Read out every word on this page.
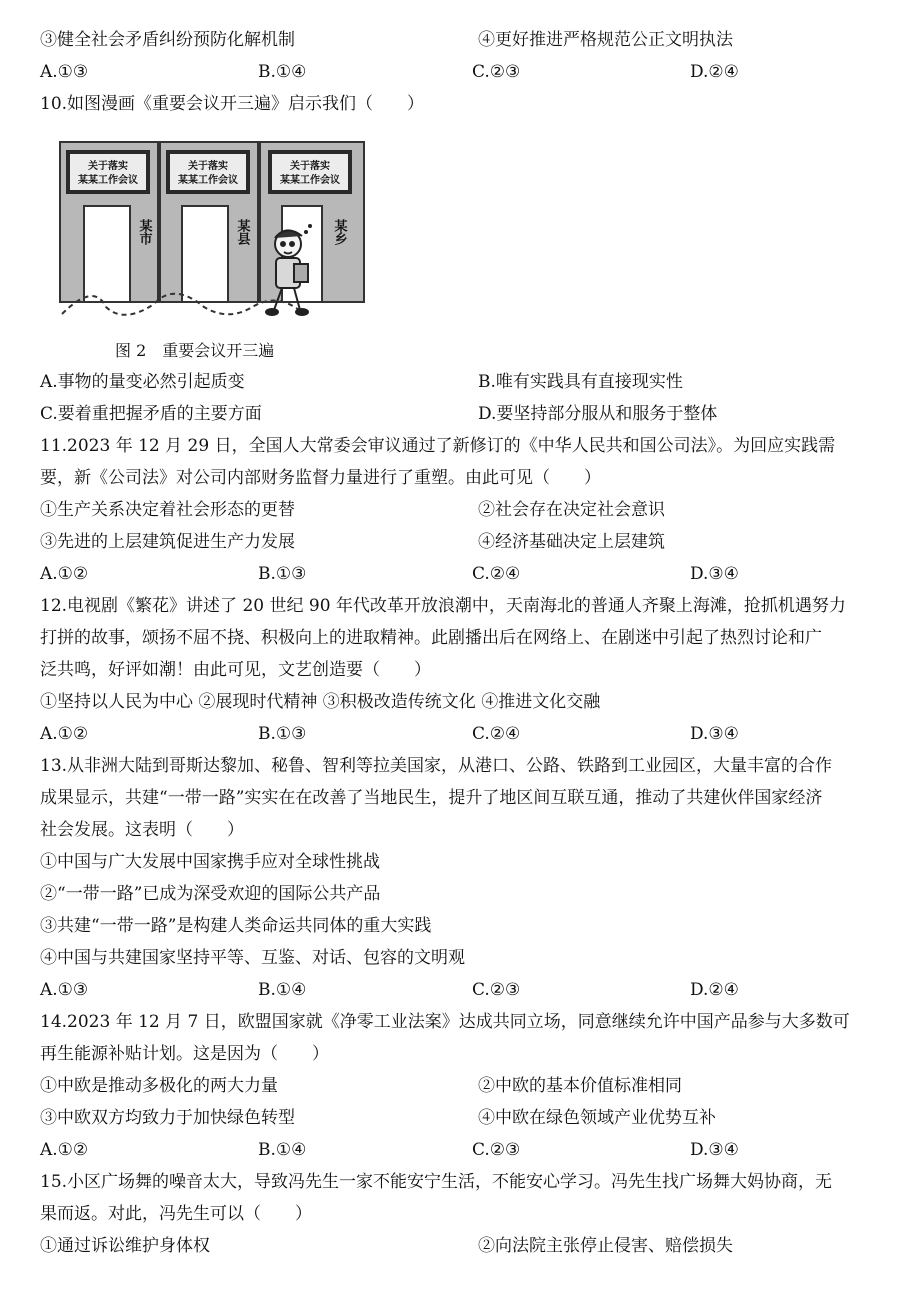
③健全社会矛盾纠纷预防化解机制	④更好推进严格规范公正文明执法
A.①③	B.①④	C.②③	D.②④
10.如图漫画《重要会议开三遍》启示我们（　　）
关于落实
某某工作会议
关于落实
某某工作会议
关于落实
某某工作会议
某市	某县	某乡
图 2　重要会议开三遍
A.事物的量变必然引起质变	B.唯有实践具有直接现实性
C.要着重把握矛盾的主要方面	D.要坚持部分服从和服务于整体
11.2023 年 12 月 29 日，全国人大常委会审议通过了新修订的《中华人民共和国公司法》。为回应实践需
要，新《公司法》对公司内部财务监督力量进行了重塑。由此可见（　　）
①生产关系决定着社会形态的更替	②社会存在决定社会意识
③先进的上层建筑促进生产力发展	④经济基础决定上层建筑
A.①②	B.①③	C.②④	D.③④
12.电视剧《繁花》讲述了 20 世纪 90 年代改革开放浪潮中，天南海北的普通人齐聚上海滩，抢抓机遇努力
打拼的故事，颂扬不屈不挠、积极向上的进取精神。此剧播出后在网络上、在剧迷中引起了热烈讨论和广
泛共鸣，好评如潮！由此可见，文艺创造要（　　）
①坚持以人民为中心 ②展现时代精神 ③积极改造传统文化 ④推进文化交融
A.①②	B.①③	C.②④	D.③④
13.从非洲大陆到哥斯达黎加、秘鲁、智利等拉美国家，从港口、公路、铁路到工业园区，大量丰富的合作
成果显示，共建“一带一路”实实在在改善了当地民生，提升了地区间互联互通，推动了共建伙伴国家经济
社会发展。这表明（　　）
①中国与广大发展中国家携手应对全球性挑战
②“一带一路”已成为深受欢迎的国际公共产品
③共建“一带一路”是构建人类命运共同体的重大实践
④中国与共建国家坚持平等、互鉴、对话、包容的文明观
A.①③	B.①④	C.②③	D.②④
14.2023 年 12 月 7 日，欧盟国家就《净零工业法案》达成共同立场，同意继续允许中国产品参与大多数可
再生能源补贴计划。这是因为（　　）
①中欧是推动多极化的两大力量	②中欧的基本价值标准相同
③中欧双方均致力于加快绿色转型	④中欧在绿色领域产业优势互补
A.①②	B.①④	C.②③	D.③④
15.小区广场舞的噪音太大，导致冯先生一家不能安宁生活，不能安心学习。冯先生找广场舞大妈协商，无
果而返。对此，冯先生可以（　　）
①通过诉讼维护身体权	②向法院主张停止侵害、赔偿损失
